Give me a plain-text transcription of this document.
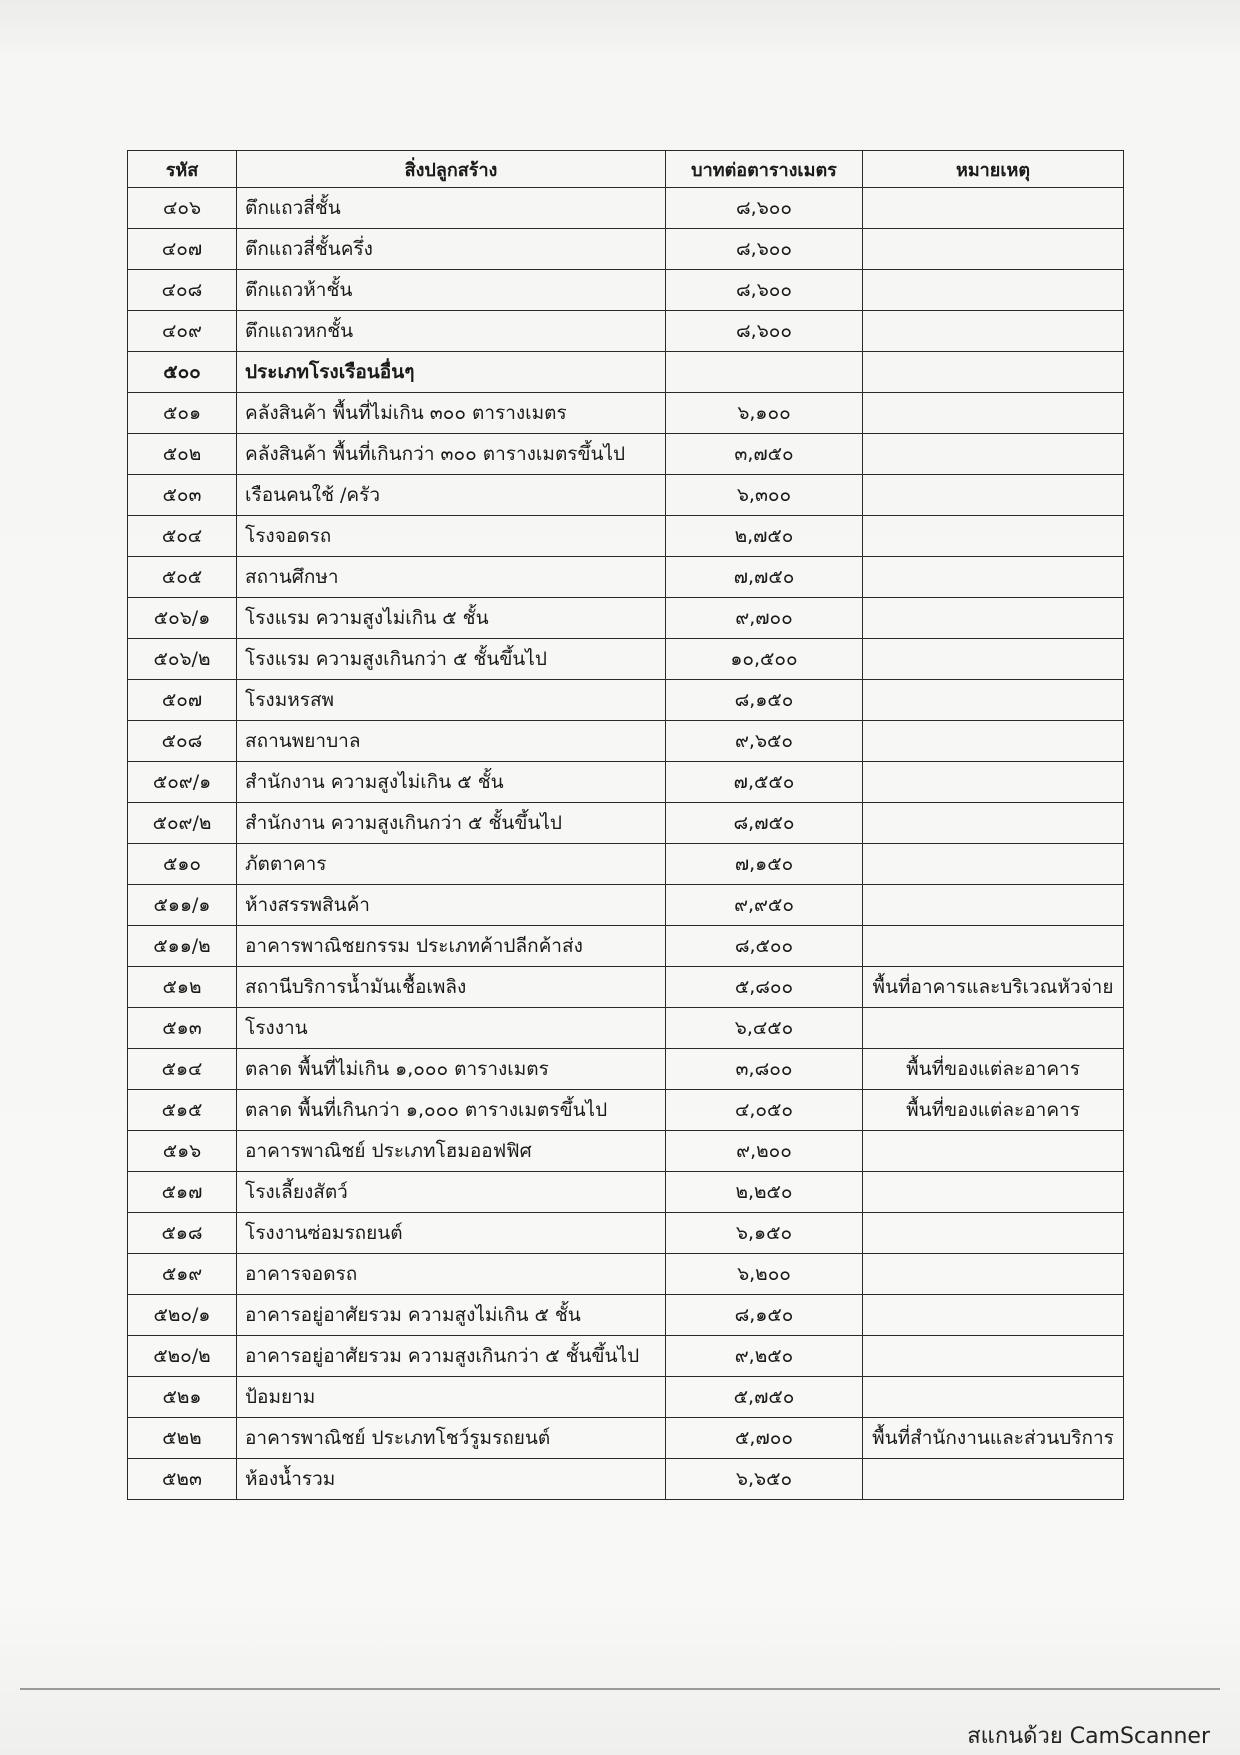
รหัส	สิ่งปลูกสร้าง	บาทต่อตารางเมตร	หมายเหตุ
๔๐๖	ตึกแถวสี่ชั้น	๘,๖๐๐	
๔๐๗	ตึกแถวสี่ชั้นครึ่ง	๘,๖๐๐	
๔๐๘	ตึกแถวห้าชั้น	๘,๖๐๐	
๔๐๙	ตึกแถวหกชั้น	๘,๖๐๐	
๕๐๐	ประเภทโรงเรือนอื่นๆ		
๕๐๑	คลังสินค้า พื้นที่ไม่เกิน ๓๐๐ ตารางเมตร	๖,๑๐๐	
๕๐๒	คลังสินค้า พื้นที่เกินกว่า ๓๐๐ ตารางเมตรขึ้นไป	๓,๗๕๐	
๕๐๓	เรือนคนใช้ /ครัว	๖,๓๐๐	
๕๐๔	โรงจอดรถ	๒,๗๕๐	
๕๐๕	สถานศึกษา	๗,๗๕๐	
๕๐๖/๑	โรงแรม ความสูงไม่เกิน ๕ ชั้น	๙,๗๐๐	
๕๐๖/๒	โรงแรม ความสูงเกินกว่า ๕ ชั้นขึ้นไป	๑๐,๕๐๐	
๕๐๗	โรงมหรสพ	๘,๑๕๐	
๕๐๘	สถานพยาบาล	๙,๖๕๐	
๕๐๙/๑	สำนักงาน ความสูงไม่เกิน ๕ ชั้น	๗,๕๕๐	
๕๐๙/๒	สำนักงาน ความสูงเกินกว่า ๕ ชั้นขึ้นไป	๘,๗๕๐	
๕๑๐	ภัตตาคาร	๗,๑๕๐	
๕๑๑/๑	ห้างสรรพสินค้า	๙,๙๕๐	
๕๑๑/๒	อาคารพาณิชยกรรม ประเภทค้าปลีกค้าส่ง	๘,๕๐๐	
๕๑๒	สถานีบริการน้ำมันเชื้อเพลิง	๕,๘๐๐	พื้นที่อาคารและบริเวณหัวจ่าย
๕๑๓	โรงงาน	๖,๔๕๐	
๕๑๔	ตลาด พื้นที่ไม่เกิน ๑,๐๐๐ ตารางเมตร	๓,๘๐๐	พื้นที่ของแต่ละอาคาร
๕๑๕	ตลาด พื้นที่เกินกว่า ๑,๐๐๐ ตารางเมตรขึ้นไป	๔,๐๕๐	พื้นที่ของแต่ละอาคาร
๕๑๖	อาคารพาณิชย์ ประเภทโฮมออฟฟิศ	๙,๒๐๐	
๕๑๗	โรงเลี้ยงสัตว์	๒,๒๕๐	
๕๑๘	โรงงานซ่อมรถยนต์	๖,๑๕๐	
๕๑๙	อาคารจอดรถ	๖,๒๐๐	
๕๒๐/๑	อาคารอยู่อาศัยรวม ความสูงไม่เกิน ๕ ชั้น	๘,๑๕๐	
๕๒๐/๒	อาคารอยู่อาศัยรวม ความสูงเกินกว่า ๕ ชั้นขึ้นไป	๙,๒๕๐	
๕๒๑	ป้อมยาม	๕,๗๕๐	
๕๒๒	อาคารพาณิชย์ ประเภทโชว์รูมรถยนต์	๕,๗๐๐	พื้นที่สำนักงานและส่วนบริการ
๕๒๓	ห้องน้ำรวม	๖,๖๕๐	
สแกนด้วย CamScanner
